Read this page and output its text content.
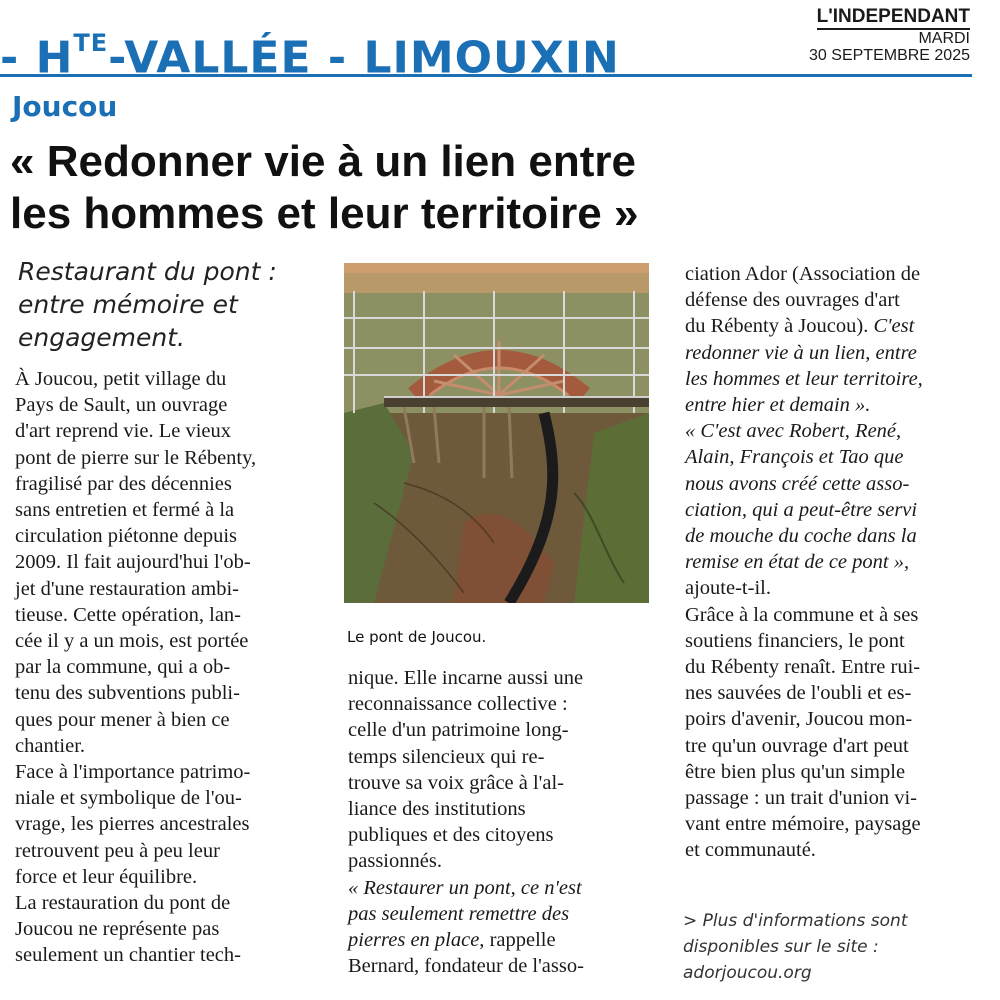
- $H^{TE}$-VALLÉE - LIMOUXIN
L'INDEPENDANT
MARDI
30 SEPTEMBRE 2025
Joucou
« Redonner vie à un lien entre
les hommes et leur territoire »
Restaurant du pont :
entre mémoire et
engagement.
À Joucou, petit village du
Pays de Sault, un ouvrage
d'art reprend vie. Le vieux
pont de pierre sur le Rébenty,
fragilisé par des décennies
sans entretien et fermé à la
circulation piétonne depuis
2009. Il fait aujourd'hui l'ob-
jet d'une restauration ambi-
tieuse. Cette opération, lan-
cée il y a un mois, est portée
par la commune, qui a ob-
tenu des subventions publi-
ques pour mener à bien ce
chantier.
Face à l'importance patrimo-
niale et symbolique de l'ou-
vrage, les pierres ancestrales
retrouvent peu à peu leur
force et leur équilibre.
La restauration du pont de
Joucou ne représente pas
seulement un chantier tech-
Le pont de Joucou.
nique. Elle incarne aussi une
reconnaissance collective :
celle d'un patrimoine long-
temps silencieux qui re-
trouve sa voix grâce à l'al-
liance des institutions
publiques et des citoyens
passionnés.
« Restaurer un pont, ce n'est
pas seulement remettre des
pierres en place, rappelle
Bernard, fondateur de l'asso-
ciation Ador (Association de
défense des ouvrages d'art
du Rébenty à Joucou). C'est
redonner vie à un lien, entre
les hommes et leur territoire,
entre hier et demain ».
« C'est avec Robert, René,
Alain, François et Tao que
nous avons créé cette asso-
ciation, qui a peut-être servi
de mouche du coche dans la
remise en état de ce pont »,
ajoute-t-il.
Grâce à la commune et à ses
soutiens financiers, le pont
du Rébenty renaît. Entre rui-
nes sauvées de l'oubli et es-
poirs d'avenir, Joucou mon-
tre qu'un ouvrage d'art peut
être bien plus qu'un simple
passage : un trait d'union vi-
vant entre mémoire, paysage
et communauté.
> Plus d'informations sont
disponibles sur le site :
adorjoucou.org
